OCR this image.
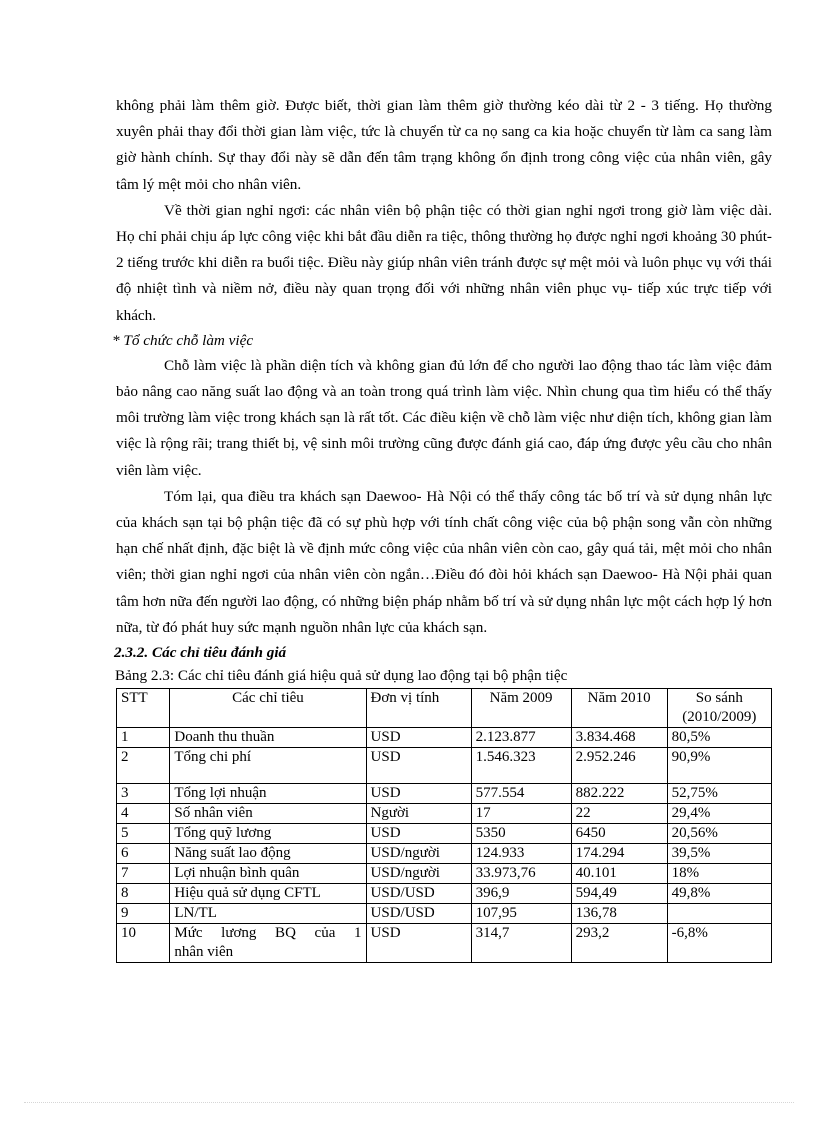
không phải làm thêm giờ. Được biết, thời gian làm thêm giờ thường kéo dài từ 2 - 3 tiếng. Họ thường xuyên phải thay đổi thời gian làm việc, tức là chuyển từ ca nọ sang ca kia hoặc chuyển từ làm ca sang làm giờ hành chính. Sự thay đổi này sẽ dẫn đến tâm trạng không ổn định trong công việc của nhân viên, gây tâm lý mệt mỏi cho nhân viên.

Về thời gian nghỉ ngơi: các nhân viên bộ phận tiệc có thời gian nghỉ ngơi trong giờ làm việc dài. Họ chỉ phải chịu áp lực công việc khi bắt đầu diễn ra tiệc, thông thường họ được nghỉ ngơi khoảng 30 phút-2 tiếng trước khi diễn ra buổi tiệc. Điều này giúp nhân viên tránh được sự mệt mỏi và luôn phục vụ với thái độ nhiệt tình và niềm nở, điều này quan trọng đối với những nhân viên phục vụ- tiếp xúc trực tiếp với khách.

* Tổ chức chỗ làm việc

Chỗ làm việc là phần diện tích và không gian đủ lớn để cho người lao động thao tác làm việc đảm bảo nâng cao năng suất lao động và an toàn trong quá trình làm việc. Nhìn chung qua tìm hiểu có thể thấy môi trường làm việc trong khách sạn là rất tốt. Các điều kiện về chỗ làm việc như diện tích, không gian làm việc là rộng rãi; trang thiết bị, vệ sinh môi trường cũng được đánh giá cao, đáp ứng được yêu cầu cho nhân viên làm việc.

Tóm lại, qua điều tra khách sạn Daewoo- Hà Nội có thể thấy công tác bố trí và sử dụng nhân lực của khách sạn tại bộ phận tiệc đã có sự phù hợp với tính chất công việc của bộ phận song vẫn còn những hạn chế nhất định, đặc biệt là về định mức công việc của nhân viên còn cao, gây quá tải, mệt mỏi cho nhân viên; thời gian nghỉ ngơi của nhân viên còn ngắn…Điều đó đòi hỏi khách sạn Daewoo- Hà Nội phải quan tâm hơn nữa đến người lao động, có những biện pháp nhằm bố trí và sử dụng nhân lực một cách hợp lý hơn nữa, từ đó phát huy sức mạnh nguồn nhân lực của khách sạn.

2.3.2. Các chỉ tiêu đánh giá

Bảng 2.3: Các chỉ tiêu đánh giá hiệu quả sử dụng lao động tại bộ phận tiệc

STT	Các chỉ tiêu	Đơn vị tính	Năm 2009	Năm 2010	So sánh
(2010/2009)
1	Doanh thu thuần	USD	2.123.877	3.834.468	80,5%
2	Tổng chi phí	USD	1.546.323	2.952.246	90,9%
3	Tổng lợi nhuận	USD	577.554	882.222	52,75%
4	Số nhân viên	Người	17	22	29,4%
5	Tổng quỹ lương	USD	5350	6450	20,56%
6	Năng suất lao động	USD/người	124.933	174.294	39,5%
7	Lợi nhuận bình quân	USD/người	33.973,76	40.101	18%
8	Hiệu quả sử dụng CFTL	USD/USD	396,9	594,49	49,8%
9	LN/TL	USD/USD	107,95	136,78	
10	Mức lương BQ của 1
nhân viên	USD	314,7	293,2	-6,8%
